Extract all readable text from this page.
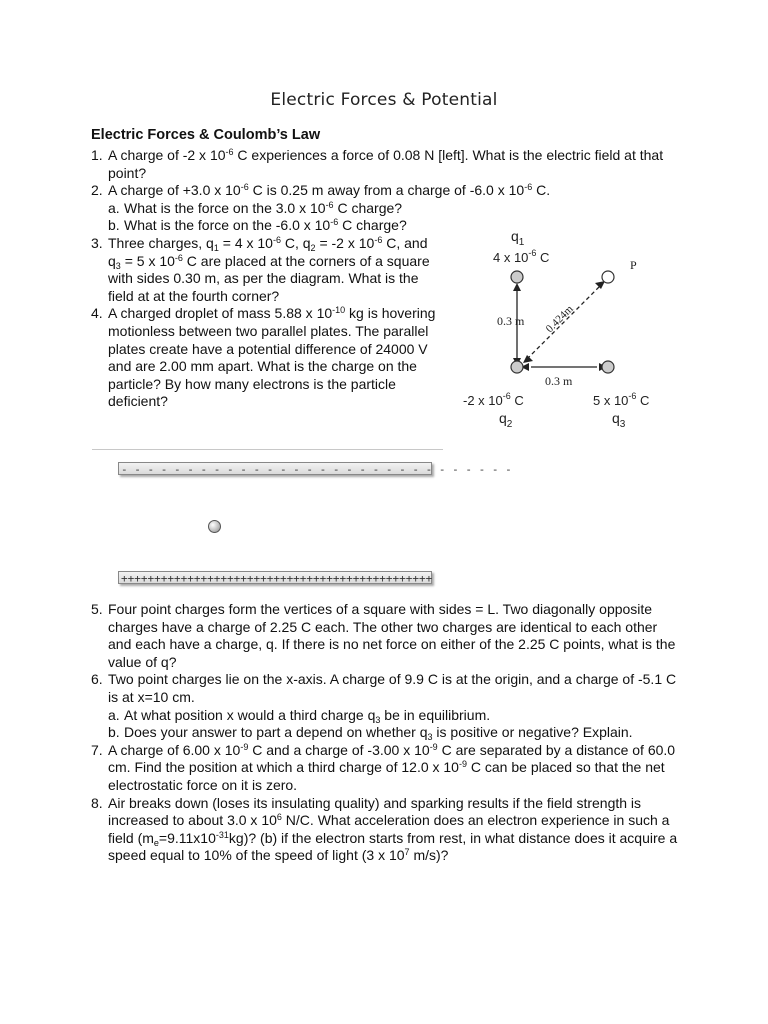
Electric Forces & Potential
Electric Forces & Coulomb’s Law
1. A charge of -2 x $10^{-6}$ C experiences a force of 0.08 N [left]. What is the electric field at that point?
2. A charge of +3.0 x $10^{-6}$ C is 0.25 m away from a charge of -6.0 x $10^{-6}$ C.
a. What is the force on the 3.0 x $10^{-6}$ C charge?
b. What is the force on the -6.0 x $10^{-6}$ C charge?
3. Three charges, $q_1 = 4$ x $10^{-6}$ C, $q_2 = -2$ x $10^{-6}$ C, and $q_3 = 5$ x $10^{-6}$ C are placed at the corners of a square with sides 0.30 m, as per the diagram. What is the field at at the fourth corner?
4. A charged droplet of mass 5.88 x $10^{-10}$ kg is hovering motionless between two parallel plates. The parallel plates create have a potential difference of 24000 V and are 2.00 mm apart. What is the charge on the particle? By how many electrons is the particle deficient?
$q_1$
4 x $10^{-6}$ C	P
0.3 m 0.424m
0.3 m
-2 x $10^{-6}$ C
$q_2$
5 x $10^{-6}$ C
$q_3$
- - - - - - - - - - - - - - - - - - - - - - - - - - - - - -
+++++++++++++++++++++++++++++++++++++++++++++++
5. Four point charges form the vertices of a square with sides = L. Two diagonally opposite charges have a charge of 2.25 C each. The other two charges are identical to each other and each have a charge, q. If there is no net force on either of the 2.25 C points, what is the value of q?
6. Two point charges lie on the x-axis. A charge of 9.9 C is at the origin, and a charge of -5.1 C is at x=10 cm.
a. At what position x would a third charge $q_3$ be in equilibrium.
b. Does your answer to part a depend on whether $q_3$ is positive or negative? Explain.
7. A charge of 6.00 x $10^{-9}$ C and a charge of -3.00 x $10^{-9}$ C are separated by a distance of 60.0 cm. Find the position at which a third charge of 12.0 x $10^{-9}$ C can be placed so that the net electrostatic force on it is zero.
8. Air breaks down (loses its insulating quality) and sparking results if the field strength is increased to about 3.0 x $10^6$ N/C. What acceleration does an electron experience in such a field $(m_e=9.11x10^{-31}kg)$? (b) if the electron starts from rest, in what distance does it acquire a speed equal to 10% of the speed of light (3 x $10^7$ m/s)?
